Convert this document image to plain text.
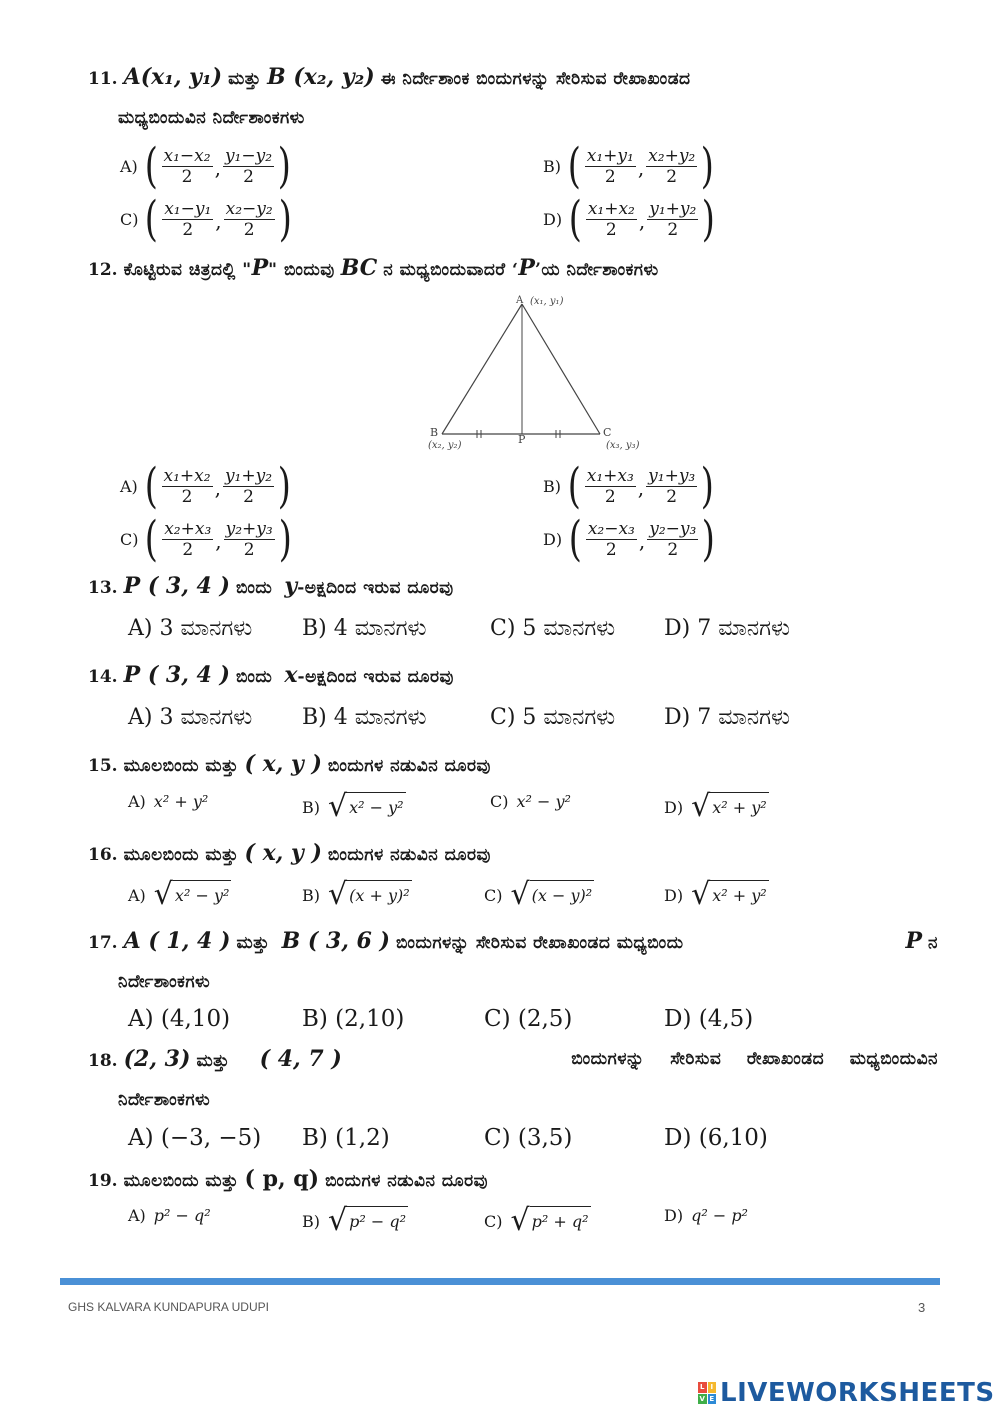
11. A(x₁, y₁) ಮತ್ತು B (x₂, y₂) ಈ ನಿರ್ದೇಶಾಂಕ ಬಿಂದುಗಳನ್ನು ಸೇರಿಸುವ ರೇಖಾಖಂಡದ
ಮಧ್ಯಬಿಂದುವಿನ ನಿರ್ದೇಶಾಂಕಗಳು
A) ( $\frac{\text{x₁−x₂}}{2}$ , $\frac{\text{y₁−y₂}}{2}$ )	B) ( $\frac{\text{x₁+y₁}}{2}$ , $\frac{\text{x₂+y₂}}{2}$ )
C) ( $\frac{\text{x₁−y₁}}{2}$ , $\frac{\text{x₂−y₂}}{2}$ )	D) ( $\frac{\text{x₁+x₂}}{2}$ , $\frac{\text{y₁+y₂}}{2}$ )
12. ಕೊಟ್ಟಿರುವ ಚಿತ್ರದಲ್ಲಿ "P" ಬಿಂದುವು BC ನ ಮಧ್ಯಬಿಂದುವಾದರೆ ‘P’ಯ ನಿರ್ದೇಶಾಂಕಗಳು
A (x₁, y₁)
B
(x₂, y₂)
C
(x₃, y₃)
P
A) ( $\frac{\text{x₁+x₂}}{2}$ , $\frac{\text{y₁+y₂}}{2}$ )	B) ( $\frac{\text{x₁+x₃}}{2}$ , $\frac{\text{y₁+y₃}}{2}$ )
C) ( $\frac{\text{x₂+x₃}}{2}$ , $\frac{\text{y₂+y₃}}{2}$ )	D) ( $\frac{\text{x₂−x₃}}{2}$ , $\frac{\text{y₂−y₃}}{2}$ )
13. P ( 3, 4 ) ಬಿಂದು y-ಅಕ್ಷದಿಂದ ಇರುವ ದೂರವು
A) 3 ಮಾನಗಳು B) 4 ಮಾನಗಳು	C) 5 ಮಾನಗಳು D) 7 ಮಾನಗಳು
14. P ( 3, 4 ) ಬಿಂದು x-ಅಕ್ಷದಿಂದ ಇರುವ ದೂರವು
A) 3 ಮಾನಗಳು B) 4 ಮಾನಗಳು	C) 5 ಮಾನಗಳು D) 7 ಮಾನಗಳು
15. ಮೂಲಬಿಂದು ಮತ್ತು ( x, y ) ಬಿಂದುಗಳ ನಡುವಿನ ದೂರವು
A) x² + y²	B) √ x² − y²	C) x² − y²	D) √ x² + y²
16. ಮೂಲಬಿಂದು ಮತ್ತು ( x, y ) ಬಿಂದುಗಳ ನಡುವಿನ ದೂರವು
A) √ x² − y²	B) √ (x + y)²	C) √ (x − y)²	D) √ x² + y²
17. A ( 1, 4 ) ಮತ್ತು B ( 3, 6 ) ಬಿಂದುಗಳನ್ನು ಸೇರಿಸುವ ರೇಖಾಖಂಡದ ಮಧ್ಯಬಿಂದು	P ನ
ನಿರ್ದೇಶಾಂಕಗಳು
A) (4,10)	B) (2,10)	C) (2,5)	D) (4,5)
18. (2, 3) ಮತ್ತು ( 4, 7 )	ಬಿಂದುಗಳನ್ನು    ಸೇರಿಸುವ    ರೇಖಾಖಂಡದ    ಮಧ್ಯಬಿಂದುವಿನ
ನಿರ್ದೇಶಾಂಕಗಳು
A) (−3, −5) B) (1,2)	C) (3,5)	D) (6,10)
19. ಮೂಲಬಿಂದು ಮತ್ತು ( p, q) ಬಿಂದುಗಳ ನಡುವಿನ ದೂರವು
A) p² − q²	B) √ p² − q²	C) √ p² + q²	D) q² − p²
GHS KALVARA KUNDAPURA UDUPI	3
L I
V E LIVEWORKSHEETS
